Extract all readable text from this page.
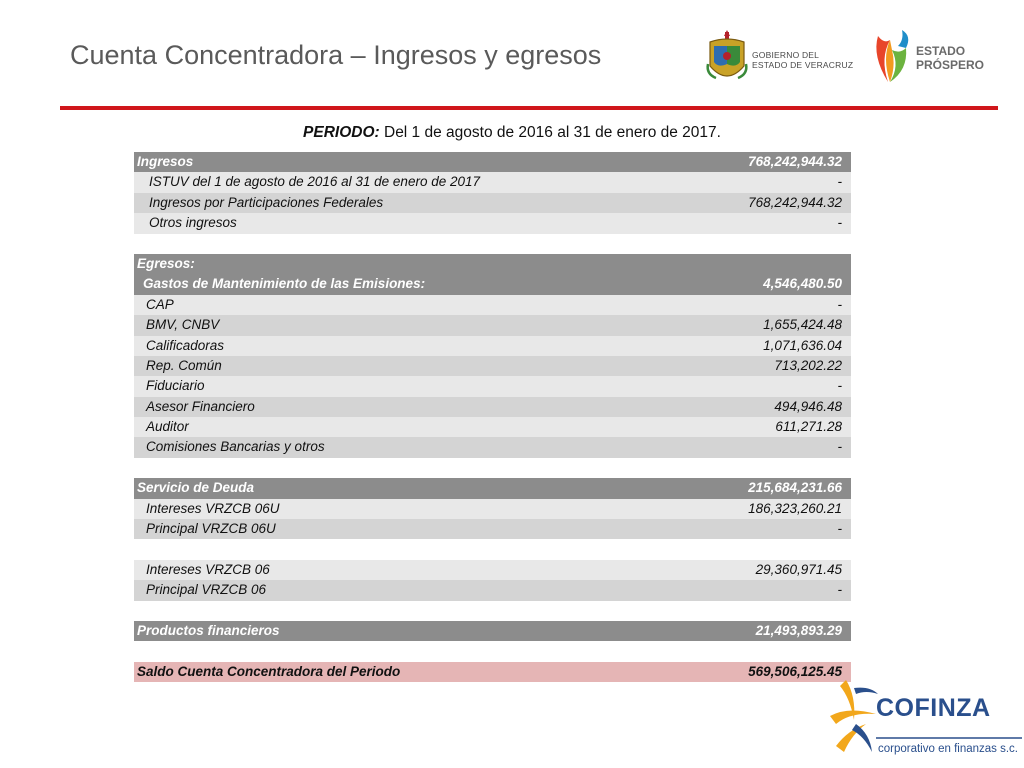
Cuenta Concentradora – Ingresos y egresos	GOBIERNO DEL
ESTADO DE VERACRUZ
ESTADO
PRÓSPERO
PERIODO: Del 1 de agosto de 2016 al 31 de enero de 2017.
Ingresos	768,242,944.32
ISTUV del 1 de agosto de 2016 al 31 de enero de 2017	-
Ingresos por Participaciones Federales	768,242,944.32
Otros ingresos	-
Egresos:
Gastos de Mantenimiento de las Emisiones:	4,546,480.50
CAP	-
BMV, CNBV	1,655,424.48
Calificadoras	1,071,636.04
Rep. Común	713,202.22
Fiduciario	-
Asesor Financiero	494,946.48
Auditor	611,271.28
Comisiones Bancarias y otros	-
Servicio de Deuda	215,684,231.66
Intereses VRZCB 06U	186,323,260.21
Principal VRZCB 06U	-
Intereses VRZCB 06	29,360,971.45
Principal VRZCB 06	-
Productos financieros	21,493,893.29
Saldo Cuenta Concentradora del Periodo	569,506,125.45
COFINZA
corporativo en finanzas s.c.
